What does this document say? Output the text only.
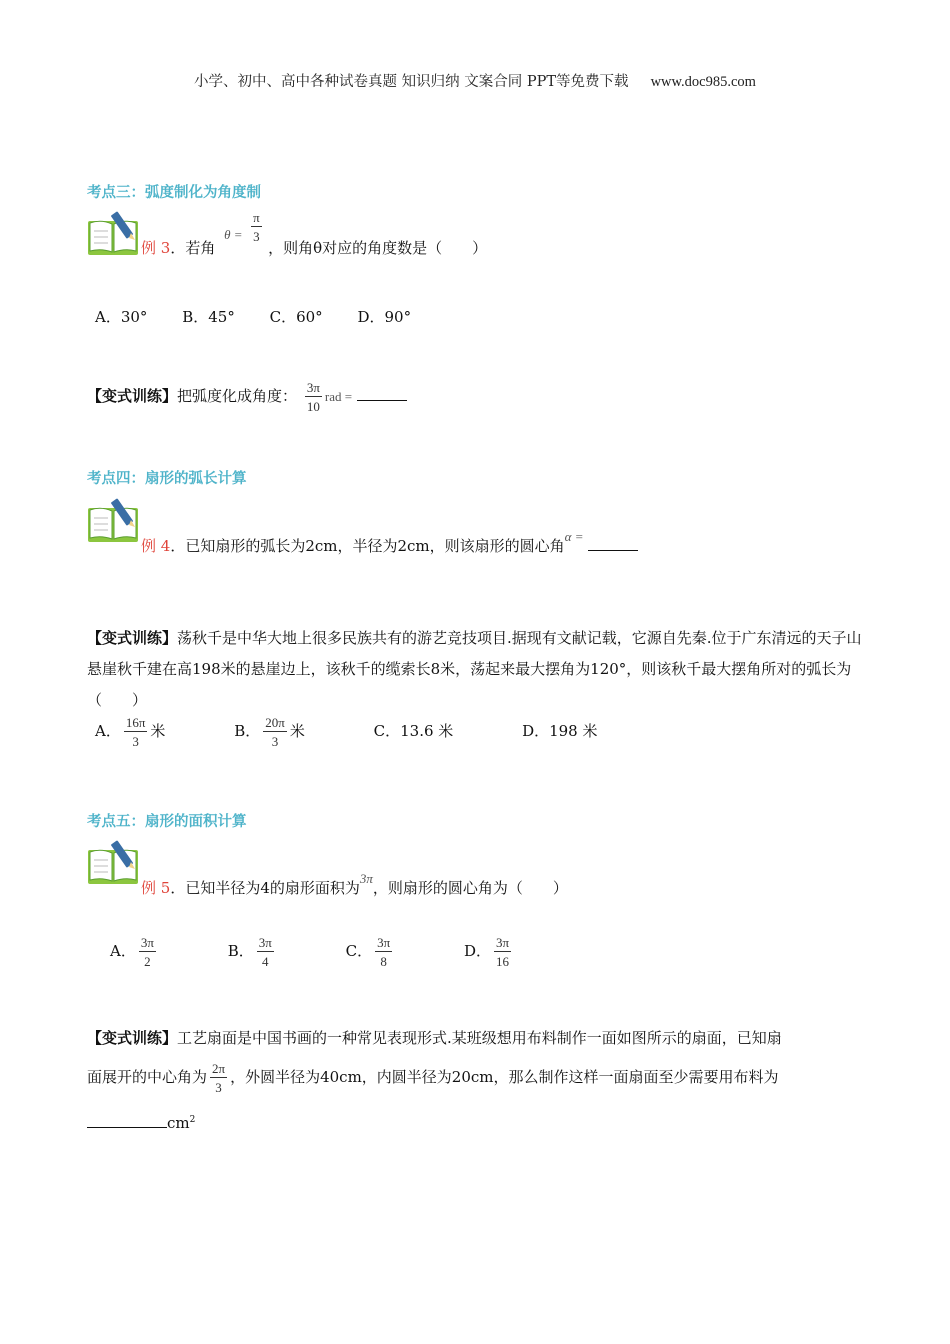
小学、初中、高中各种试卷真题 知识归纳 文案合同 PPT等免费下载 www.doc985.com
考点三：弧度制化为角度制
例 3．若角
$\theta = \frac{\pi}{3}$
，则角θ对应的角度数是（　　）
A．30° B．45° C．60° D．90°
【变式训练】把弧度化成角度： $\frac{3\pi}{10}$ rad =
考点四：扇形的弧长计算
例 4．已知扇形的弧长为2cm，半径为2cm，则该扇形的圆心角α =
【变式训练】荡秋千是中华大地上很多民族共有的游艺竞技项目.据现有文献记载，它源自先秦.位于广东清远的天子山悬崖秋千建在高198米的悬崖边上，该秋千的缆索长8米，荡起来最大摆角为120°，则该秋千最大摆角所对的弧长为（　　）
A． $\frac{16\pi}{3}$ 米	B． $\frac{20\pi}{3}$ 米	C．13.6 米	D．198 米
考点五：扇形的面积计算
例 5．已知半径为4的扇形面积为3π，则扇形的圆心角为（　　）
A． $\frac{3\pi}{2}$	B． $\frac{3\pi}{4}$	C． $\frac{3\pi}{8}$	D． $\frac{3\pi}{16}$
【变式训练】工艺扇面是中国书画的一种常见表现形式.某班级想用布料制作一面如图所示的扇面，已知扇
面展开的中心角为 $\frac{2\pi}{3}$ ，外圆半径为40cm，内圆半径为20cm，那么制作这样一面扇面至少需要用布料为
$cm^2$
